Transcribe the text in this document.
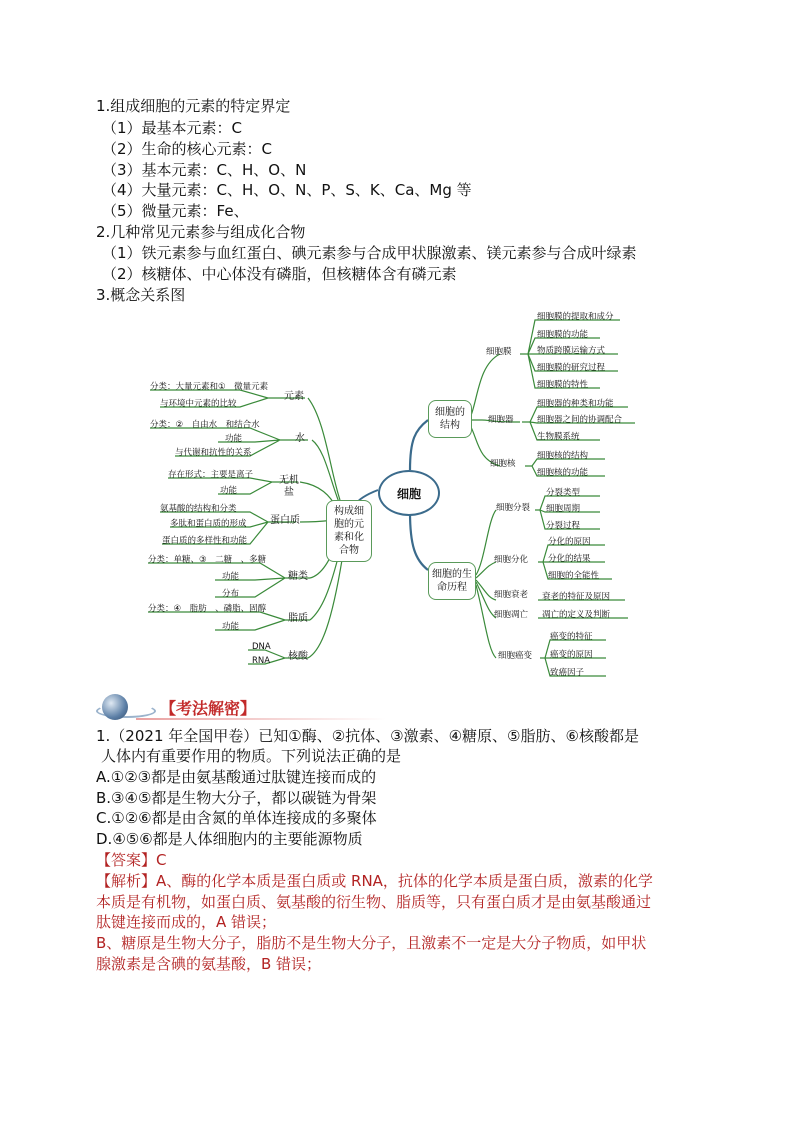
1.组成细胞的元素的特定界定
（1）最基本元素：C
（2）生命的核心元素：C
（3）基本元素：C、H、O、N
（4）大量元素：C、H、O、N、P、S、K、Ca、Mg 等
（5）微量元素：Fe、
2.几种常见元素参与组成化合物
（1）铁元素参与血红蛋白、碘元素参与合成甲状腺激素、镁元素参与合成叶绿素
（2）核糖体、中心体没有磷脂，但核糖体含有磷元素
3.概念关系图
细胞
构成细胞的元素和化合物
细胞的结构
细胞的生命历程
元素
分类：大量元素和①　微量元素
与环境中元素的比较
水
分类：②　自由水　和结合水
功能
与代谢和抗性的关系
无机盐
存在形式：主要是离子
功能
蛋白质
氨基酸的结构和分类
多肽和蛋白质的形成
蛋白质的多样性和功能
糖类
分类：单糖、③　二糖　、多糖
功能
分布
脂质
分类：④　脂肪　、磷脂、固醇
功能
核酸
DNA
RNA
细胞膜
细胞膜的提取和成分
细胞膜的功能
物质跨膜运输方式
细胞膜的研究过程
细胞膜的特性
细胞器
细胞器的种类和功能
细胞器之间的协调配合
生物膜系统
细胞核
细胞核的结构
细胞核的功能
细胞分裂
分裂类型
细胞周期
分裂过程
细胞分化
分化的原因
分化的结果
细胞的全能性
细胞衰老 衰老的特征及原因
细胞凋亡 凋亡的定义及判断
细胞癌变
癌变的特征
癌变的原因
致癌因子
【考法解密】
1.（2021 年全国甲卷）已知①酶、②抗体、③激素、④糖原、⑤脂肪、⑥核酸都是
人体内有重要作用的物质。下列说法正确的是
A.①②③都是由氨基酸通过肽键连接而成的
B.③④⑤都是生物大分子，都以碳链为骨架
C.①②⑥都是由含氮的单体连接成的多聚体
D.④⑤⑥都是人体细胞内的主要能源物质
【答案】C
【解析】A、酶的化学本质是蛋白质或 RNA，抗体的化学本质是蛋白质，激素的化学
本质是有机物，如蛋白质、氨基酸的衍生物、脂质等，只有蛋白质才是由氨基酸通过
肽键连接而成的，A 错误；
B、糖原是生物大分子，脂肪不是生物大分子，且激素不一定是大分子物质，如甲状
腺激素是含碘的氨基酸，B 错误；
